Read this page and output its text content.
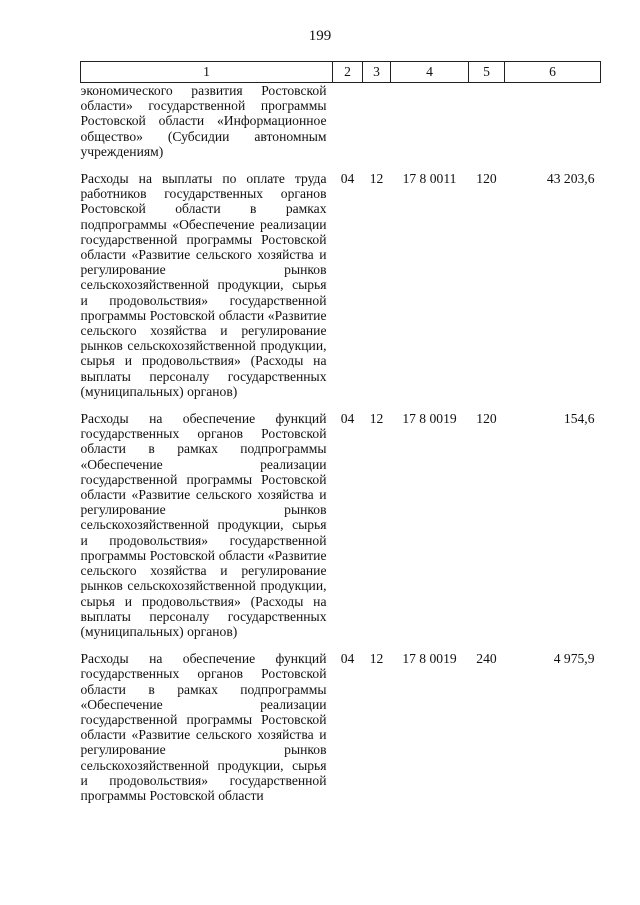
199
1	2	3	4	5	6
экономического развития Ростовской области» государственной программы Ростовской области «Информационное общество» (Субсидии автономным учреждениям)					
Расходы на выплаты по оплате труда работников государственных органов Ростовской области в рамках подпрограммы «Обеспечение реализации государственной программы Ростовской области «Развитие сельского хозяйства и регулирование рынков сельскохозяйственной продукции, сырья и продовольствия» государственной программы Ростовской области «Развитие сельского хозяйства и регулирование рынков сельскохозяйственной продукции, сырья и продовольствия» (Расходы на выплаты персоналу государственных (муниципальных) органов)	04	12	17 8 0011	120	43 203,6
Расходы на обеспечение функций государственных органов Ростовской области в рамках подпрограммы «Обеспечение реализации государственной программы Ростовской области «Развитие сельского хозяйства и регулирование рынков сельскохозяйственной продукции, сырья и продовольствия» государственной программы Ростовской области «Развитие сельского хозяйства и регулирование рынков сельскохозяйственной продукции, сырья и продовольствия» (Расходы на выплаты персоналу государственных (муниципальных) органов)	04	12	17 8 0019	120	154,6
Расходы на обеспечение функций государственных органов Ростовской области в рамках подпрограммы «Обеспечение реализации государственной программы Ростовской области «Развитие сельского хозяйства и регулирование рынков сельскохозяйственной продукции, сырья и продовольствия» государственной программы Ростовской области	04	12	17 8 0019	240	4 975,9
